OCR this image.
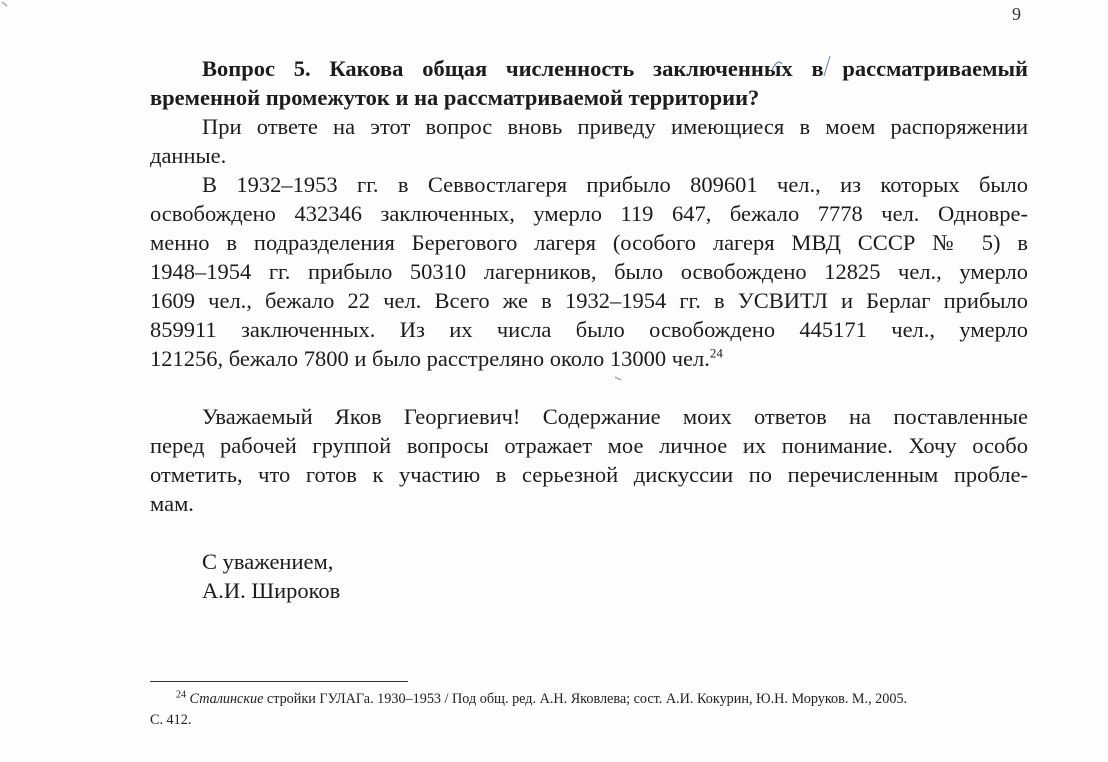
9
Вопрос 5. Какова общая численность заключенных в рассматриваемый
временной промежуток и на рассматриваемой территории?
При ответе на этот вопрос вновь приведу имеющиеся в моем распоряжении
данные.
В 1932–1953 гг. в Севвостлагеря прибыло 809601 чел., из которых было
освобождено 432346 заключенных, умерло 119 647, бежало 7778 чел. Одновре-
менно в подразделения Берегового лагеря (особого лагеря МВД СССР № 5) в
1948–1954 гг. прибыло 50310 лагерников, было освобождено 12825 чел., умерло
1609 чел., бежало 22 чел. Всего же в 1932–1954 гг. в УСВИТЛ и Берлаг прибыло
859911 заключенных. Из их числа было освобождено 445171 чел., умерло
121256, бежало 7800 и было расстреляно около 13000 чел.$^{24}$
Уважаемый Яков Георгиевич! Содержание моих ответов на поставленные
перед рабочей группой вопросы отражает мое личное их понимание. Хочу особо
отметить, что готов к участию в серьезной дискуссии по перечисленным пробле-
мам.
С уважением,
А.И. Широков
$^{24}$ Сталинские стройки ГУЛАГа. 1930–1953 / Под общ. ред. А.Н. Яковлева; сост. А.И. Кокурин, Ю.Н. Моруков. М., 2005.
С. 412.
